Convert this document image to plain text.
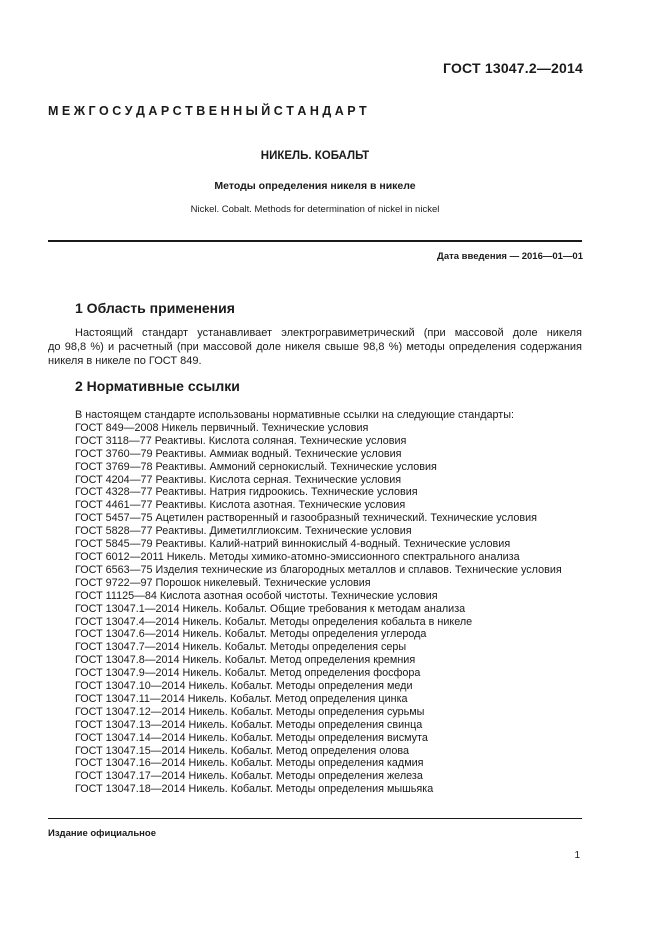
ГОСТ 13047.2—2014
М Е Ж Г О С У Д А Р С Т В Е Н Н Ы Й С Т А Н Д А Р Т
НИКЕЛЬ. КОБАЛЬТ
Методы определения никеля в никеле
Nickel. Cobalt. Methods for determination of nickel in nickel
Дата введения — 2016—01—01
1 Область применения
Настоящий стандарт устанавливает электрогравиметрический (при массовой доле никеля
до 98,8 %) и расчетный (при массовой доле никеля свыше 98,8 %) методы определения содержания
никеля в никеле по ГОСТ 849.
2 Нормативные ссылки
В настоящем стандарте использованы нормативные ссылки на следующие стандарты:
ГОСТ 849—2008 Никель первичный. Технические условия
ГОСТ 3118—77 Реактивы. Кислота соляная. Технические условия
ГОСТ 3760—79 Реактивы. Аммиак водный. Технические условия
ГОСТ 3769—78 Реактивы. Аммоний сернокислый. Технические условия
ГОСТ 4204—77 Реактивы. Кислота серная. Технические условия
ГОСТ 4328—77 Реактивы. Натрия гидроокись. Технические условия
ГОСТ 4461—77 Реактивы. Кислота азотная. Технические условия
ГОСТ 5457—75 Ацетилен растворенный и газообразный технический. Технические условия
ГОСТ 5828—77 Реактивы. Диметилглиоксим. Технические условия
ГОСТ 5845—79 Реактивы. Калий-натрий виннокислый 4-водный. Технические условия
ГОСТ 6012—2011 Никель. Методы химико-атомно-эмиссионного спектрального анализа
ГОСТ 6563—75 Изделия технические из благородных металлов и сплавов. Технические условия
ГОСТ 9722—97 Порошок никелевый. Технические условия
ГОСТ 11125—84 Кислота азотная особой чистоты. Технические условия
ГОСТ 13047.1—2014 Никель. Кобальт. Общие требования к методам анализа
ГОСТ 13047.4—2014 Никель. Кобальт. Методы определения кобальта в никеле
ГОСТ 13047.6—2014 Никель. Кобальт. Методы определения углерода
ГОСТ 13047.7—2014 Никель. Кобальт. Методы определения серы
ГОСТ 13047.8—2014 Никель. Кобальт. Метод определения кремния
ГОСТ 13047.9—2014 Никель. Кобальт. Метод определения фосфора
ГОСТ 13047.10—2014 Никель. Кобальт. Методы определения меди
ГОСТ 13047.11—2014 Никель. Кобальт. Метод определения цинка
ГОСТ 13047.12—2014 Никель. Кобальт. Методы определения сурьмы
ГОСТ 13047.13—2014 Никель. Кобальт. Методы определения свинца
ГОСТ 13047.14—2014 Никель. Кобальт. Методы определения висмута
ГОСТ 13047.15—2014 Никель. Кобальт. Метод определения олова
ГОСТ 13047.16—2014 Никель. Кобальт. Методы определения кадмия
ГОСТ 13047.17—2014 Никель. Кобальт. Методы определения железа
ГОСТ 13047.18—2014 Никель. Кобальт. Методы определения мышьяка
Издание официальное
1
